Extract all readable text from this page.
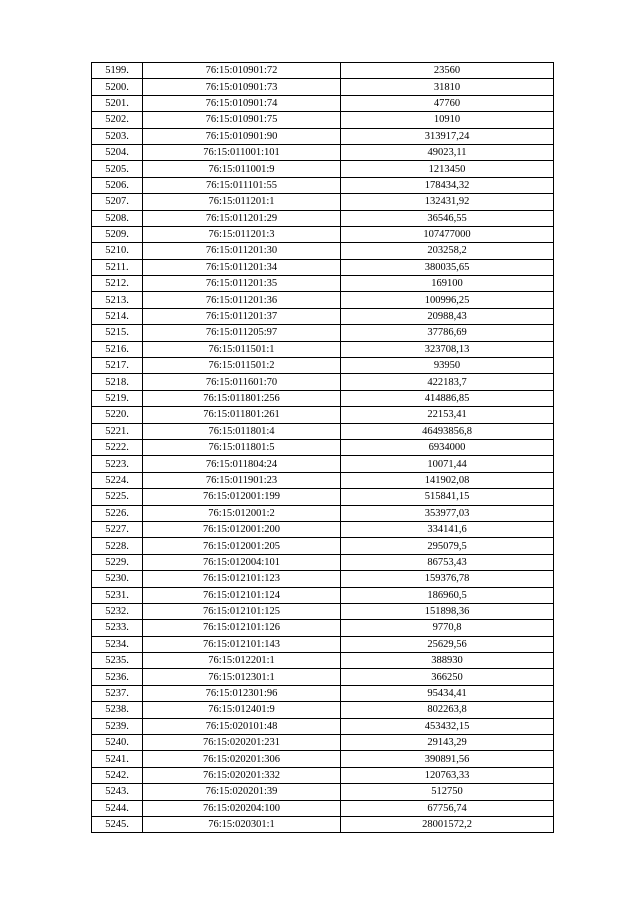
5199.	76:15:010901:72	23560
5200.	76:15:010901:73	31810
5201.	76:15:010901:74	47760
5202.	76:15:010901:75	10910
5203.	76:15:010901:90	313917,24
5204.	76:15:011001:101	49023,11
5205.	76:15:011001:9	1213450
5206.	76:15:011101:55	178434,32
5207.	76:15:011201:1	132431,92
5208.	76:15:011201:29	36546,55
5209.	76:15:011201:3	107477000
5210.	76:15:011201:30	203258,2
5211.	76:15:011201:34	380035,65
5212.	76:15:011201:35	169100
5213.	76:15:011201:36	100996,25
5214.	76:15:011201:37	20988,43
5215.	76:15:011205:97	37786,69
5216.	76:15:011501:1	323708,13
5217.	76:15:011501:2	93950
5218.	76:15:011601:70	422183,7
5219.	76:15:011801:256	414886,85
5220.	76:15:011801:261	22153,41
5221.	76:15:011801:4	46493856,8
5222.	76:15:011801:5	6934000
5223.	76:15:011804:24	10071,44
5224.	76:15:011901:23	141902,08
5225.	76:15:012001:199	515841,15
5226.	76:15:012001:2	353977,03
5227.	76:15:012001:200	334141,6
5228.	76:15:012001:205	295079,5
5229.	76:15:012004:101	86753,43
5230.	76:15:012101:123	159376,78
5231.	76:15:012101:124	186960,5
5232.	76:15:012101:125	151898,36
5233.	76:15:012101:126	9770,8
5234.	76:15:012101:143	25629,56
5235.	76:15:012201:1	388930
5236.	76:15:012301:1	366250
5237.	76:15:012301:96	95434,41
5238.	76:15:012401:9	802263,8
5239.	76:15:020101:48	453432,15
5240.	76:15:020201:231	29143,29
5241.	76:15:020201:306	390891,56
5242.	76:15:020201:332	120763,33
5243.	76:15:020201:39	512750
5244.	76:15:020204:100	67756,74
5245.	76:15:020301:1	28001572,2
